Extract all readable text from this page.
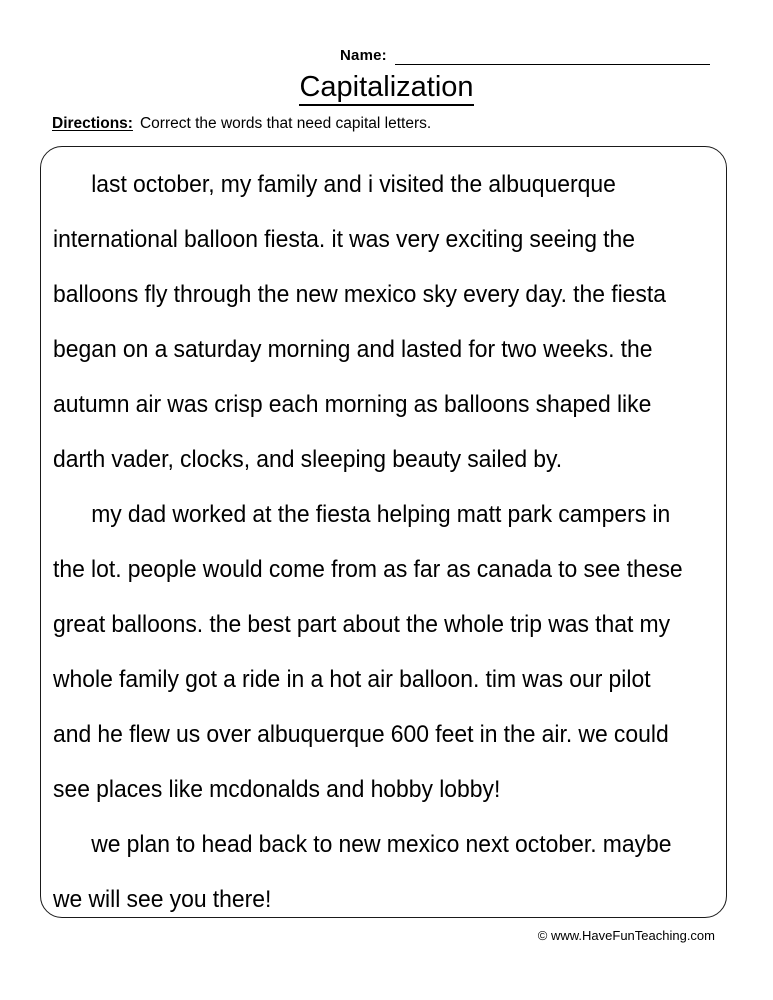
Name:
Capitalization
Directions: Correct the words that need capital letters.

last october, my family and i visited the albuquerque international balloon fiesta. it was very exciting seeing the balloons fly through the new mexico sky every day. the fiesta began on a saturday morning and lasted for two weeks. the autumn air was crisp each morning as balloons shaped like darth vader, clocks, and sleeping beauty sailed by.

my dad worked at the fiesta helping matt park campers in the lot. people would come from as far as canada to see these great balloons. the best part about the whole trip was that my whole family got a ride in a hot air balloon. tim was our pilot and he flew us over albuquerque 600 feet in the air. we could see places like mcdonalds and hobby lobby!

we plan to head back to new mexico next october. maybe we will see you there!

© www.HaveFunTeaching.com
